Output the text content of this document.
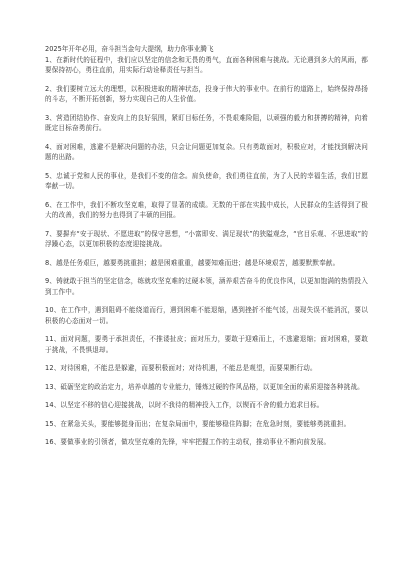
2025年开年必用，奋斗担当金句大提纲，助力你事业腾飞

1、在新时代的征程中，我们应以坚定的信念和无畏的勇气，直面各种困难与挑战。无论遇到多大的风雨，都要保持初心，勇往直前，用实际行动诠释责任与担当。

2、我们要树立远大的理想，以积极进取的精神状态，投身于伟大的事业中。在前行的道路上，始终保持昂扬的斗志，不断开拓创新，努力实现自己的人生价值。

3、营造团结协作、奋发向上的良好氛围，紧盯目标任务，不畏艰难险阻，以顽强的毅力和拼搏的精神，向着既定目标奋勇前行。

4、面对困难，逃避不是解决问题的办法，只会让问题更加复杂。只有勇敢面对，积极应对，才能找到解决问题的出路。

5、忠诚于党和人民的事业，是我们不变的信念。肩负使命，我们勇往直前，为了人民的幸福生活，我们甘愿奉献一切。

6、在工作中，我们不断攻坚克难，取得了显著的成绩。无数的干部在实践中成长，人民群众的生活得到了极大的改善，我们的努力也得到了丰硕的回报。

7、要摒弃“安于现状、不愿进取”的保守思想，“小富即安、满足现状”的狭隘观念，“官目乐观、不思进取”的浮躁心态，以更加积极的态度迎接挑战。

8、越是任务艰巨，越要勇挑重担；越是困难重重，越要知难而进；越是环境艰苦，越要默默奉献。

9、铸就敢于担当的坚定信念，练就攻坚克难的过硬本领，涵养艰苦奋斗的优良作风，以更加饱满的热情投入到工作中。

10、在工作中，遇到阻碍不能绕道而行，遇到困难不能退缩，遇到挫折不能气馁，出现失误不能消沉，要以积极的心态面对一切。

11、面对问题，要勇于承担责任，不推诿扯皮；面对压力，要敢于迎难而上，不逃避退缩；面对困难，要敢于挑战，不畏惧退却。

12、对待困难，不能总是躲避，而要积极面对；对待机遇，不能总是观望，而要果断行动。

13、砥砺坚定的政治定力，培养卓越的专业能力，锤炼过硬的作风品格，以更加全面的素质迎接各种挑战。

14、以坚定不移的信心迎接挑战，以时不我待的精神投入工作，以锲而不舍的毅力追求目标。

15、在紧急关头，要能够挺身而出；在复杂局面中，要能够稳住阵脚；在危急时刻，要能够勇挑重担。

16、要做事业的引领者，做攻坚克难的先锋，牢牢把握工作的主动权，推动事业不断向前发展。
